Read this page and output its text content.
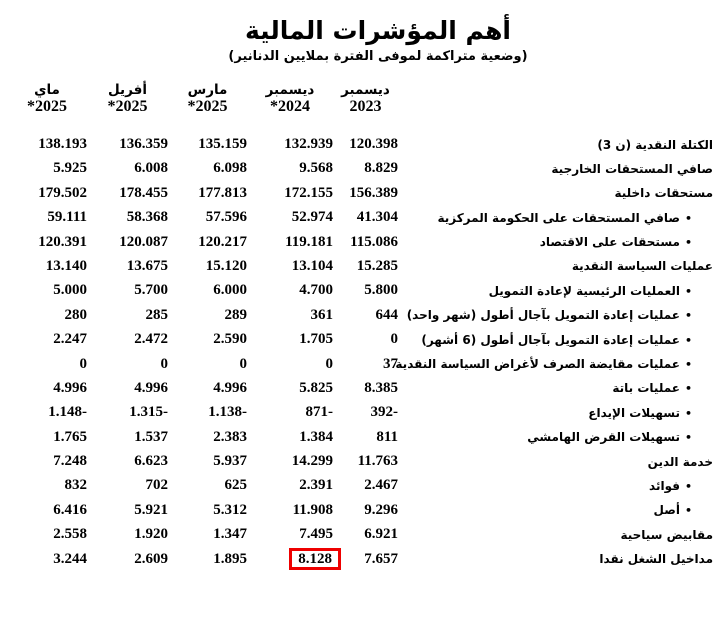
أهم المؤشرات المالية
(وضعية متراكمة لموفى الفترة بملايين الدنانير)
ديسمبر
2023
ديسمبر
*2024
مارس
*2025
أفريل
*2025
ماي
*2025
الكتلة النقدية (ن 3)
120.398
132.939
135.159
136.359
138.193
صافي المستحقات الخارجية
8.829
9.568
6.098
6.008
5.925
مستحقات داخلية
156.389
172.155
177.813
178.455
179.502
•صافي المستحقات على الحكومة المركزية
41.304
52.974
57.596
58.368
59.111
•مستحقات على الاقتصاد
115.086
119.181
120.217
120.087
120.391
عمليات السياسة النقدية
15.285
13.104
15.120
13.675
13.140
•العمليات الرئيسية لإعادة التمويل
5.800
4.700
6.000
5.700
5.000
•عمليات إعادة التمويل بآجال أطول (شهر واحد)
644
361
289
285
280
•عمليات إعادة التمويل بآجال أطول (6 أشهر)
0
1.705
2.590
2.472
2.247
•عمليات مقايضة الصرف لأغراض السياسة النقدية
37
0
0
0
0
•عمليات باتة
8.385
5.825
4.996
4.996
4.996
•تسهيلات الإيداع
392-
871-
1.138-
1.315-
1.148-
•تسهيلات القرض الهامشي
811
1.384
2.383
1.537
1.765
خدمة الدين
11.763
14.299
5.937
6.623
7.248
•فوائد
2.467
2.391
625
702
832
•أصل
9.296
11.908
5.312
5.921
6.416
مقابيض سياحية
6.921
7.495
1.347
1.920
2.558
مداخيل الشغل نقدا
7.657
8.128
1.895
2.609
3.244
